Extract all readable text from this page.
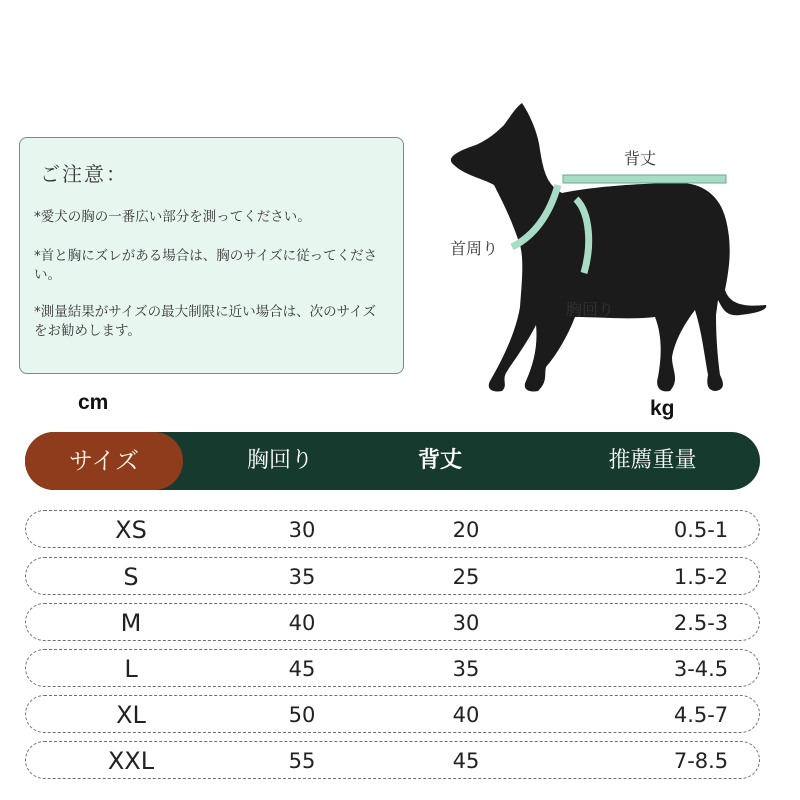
ご注意：
*愛犬の胸の一番広い部分を測ってください。
*首と胸にズレがある場合は、胸のサイズに従ってください。
*測量結果がサイズの最大制限に近い場合は、次のサイズをお勧めします。
背丈
首周り
胸回り
cm	kg
サイズ	胸回り	背丈	推薦重量
XS	30	20	0.5-1
S	35	25	1.5-2
M	40	30	2.5-3
L	45	35	3-4.5
XL	50	40	4.5-7
XXL	55	45	7-8.5
